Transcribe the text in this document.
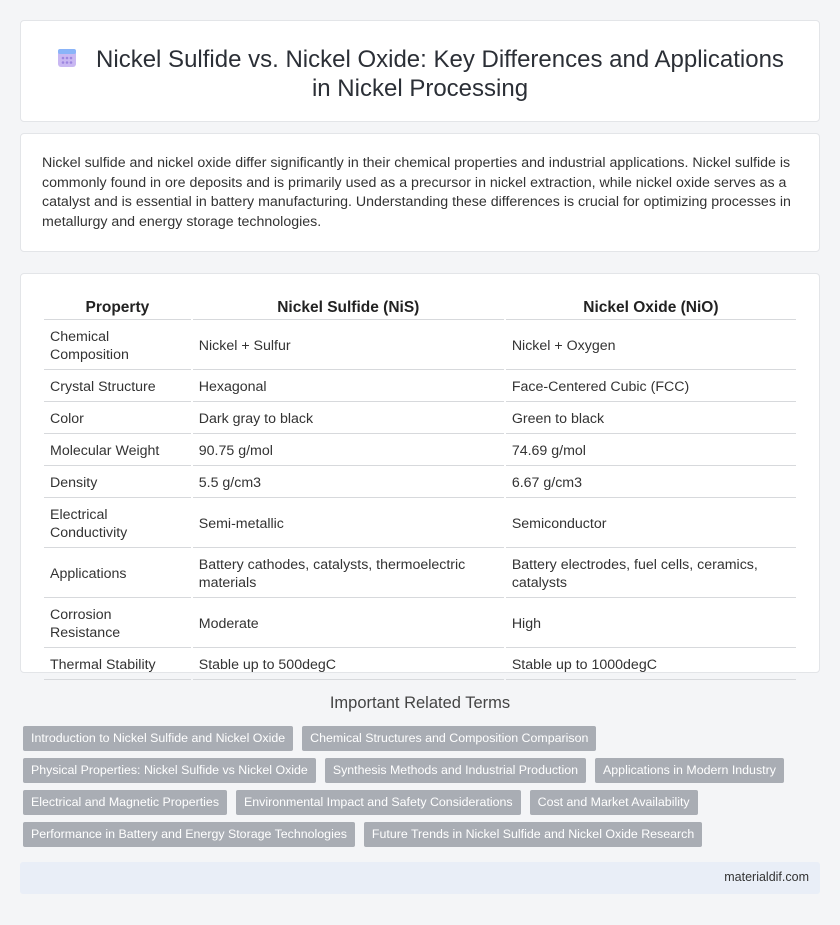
Nickel Sulfide vs. Nickel Oxide: Key Differences and Applications in Nickel Processing

Nickel sulfide and nickel oxide differ significantly in their chemical properties and industrial applications. Nickel sulfide is commonly found in ore deposits and is primarily used as a precursor in nickel extraction, while nickel oxide serves as a catalyst and is essential in battery manufacturing. Understanding these differences is crucial for optimizing processes in metallurgy and energy storage technologies.

Property	Nickel Sulfide (NiS)	Nickel Oxide (NiO)
Chemical Composition	Nickel + Sulfur	Nickel + Oxygen
Crystal Structure	Hexagonal	Face-Centered Cubic (FCC)
Color	Dark gray to black	Green to black
Molecular Weight	90.75 g/mol	74.69 g/mol
Density	5.5 g/cm3	6.67 g/cm3
Electrical Conductivity	Semi-metallic	Semiconductor
Applications	Battery cathodes, catalysts, thermoelectric materials	Battery electrodes, fuel cells, ceramics, catalysts
Corrosion Resistance	Moderate	High
Thermal Stability	Stable up to 500degC	Stable up to 1000degC
Important Related Terms
Introduction to Nickel Sulfide and Nickel Oxide	Chemical Structures and Composition Comparison
Physical Properties: Nickel Sulfide vs Nickel Oxide	Synthesis Methods and Industrial Production	Applications in Modern Industry
Electrical and Magnetic Properties	Environmental Impact and Safety Considerations	Cost and Market Availability
Performance in Battery and Energy Storage Technologies	Future Trends in Nickel Sulfide and Nickel Oxide Research
materialdif.com
